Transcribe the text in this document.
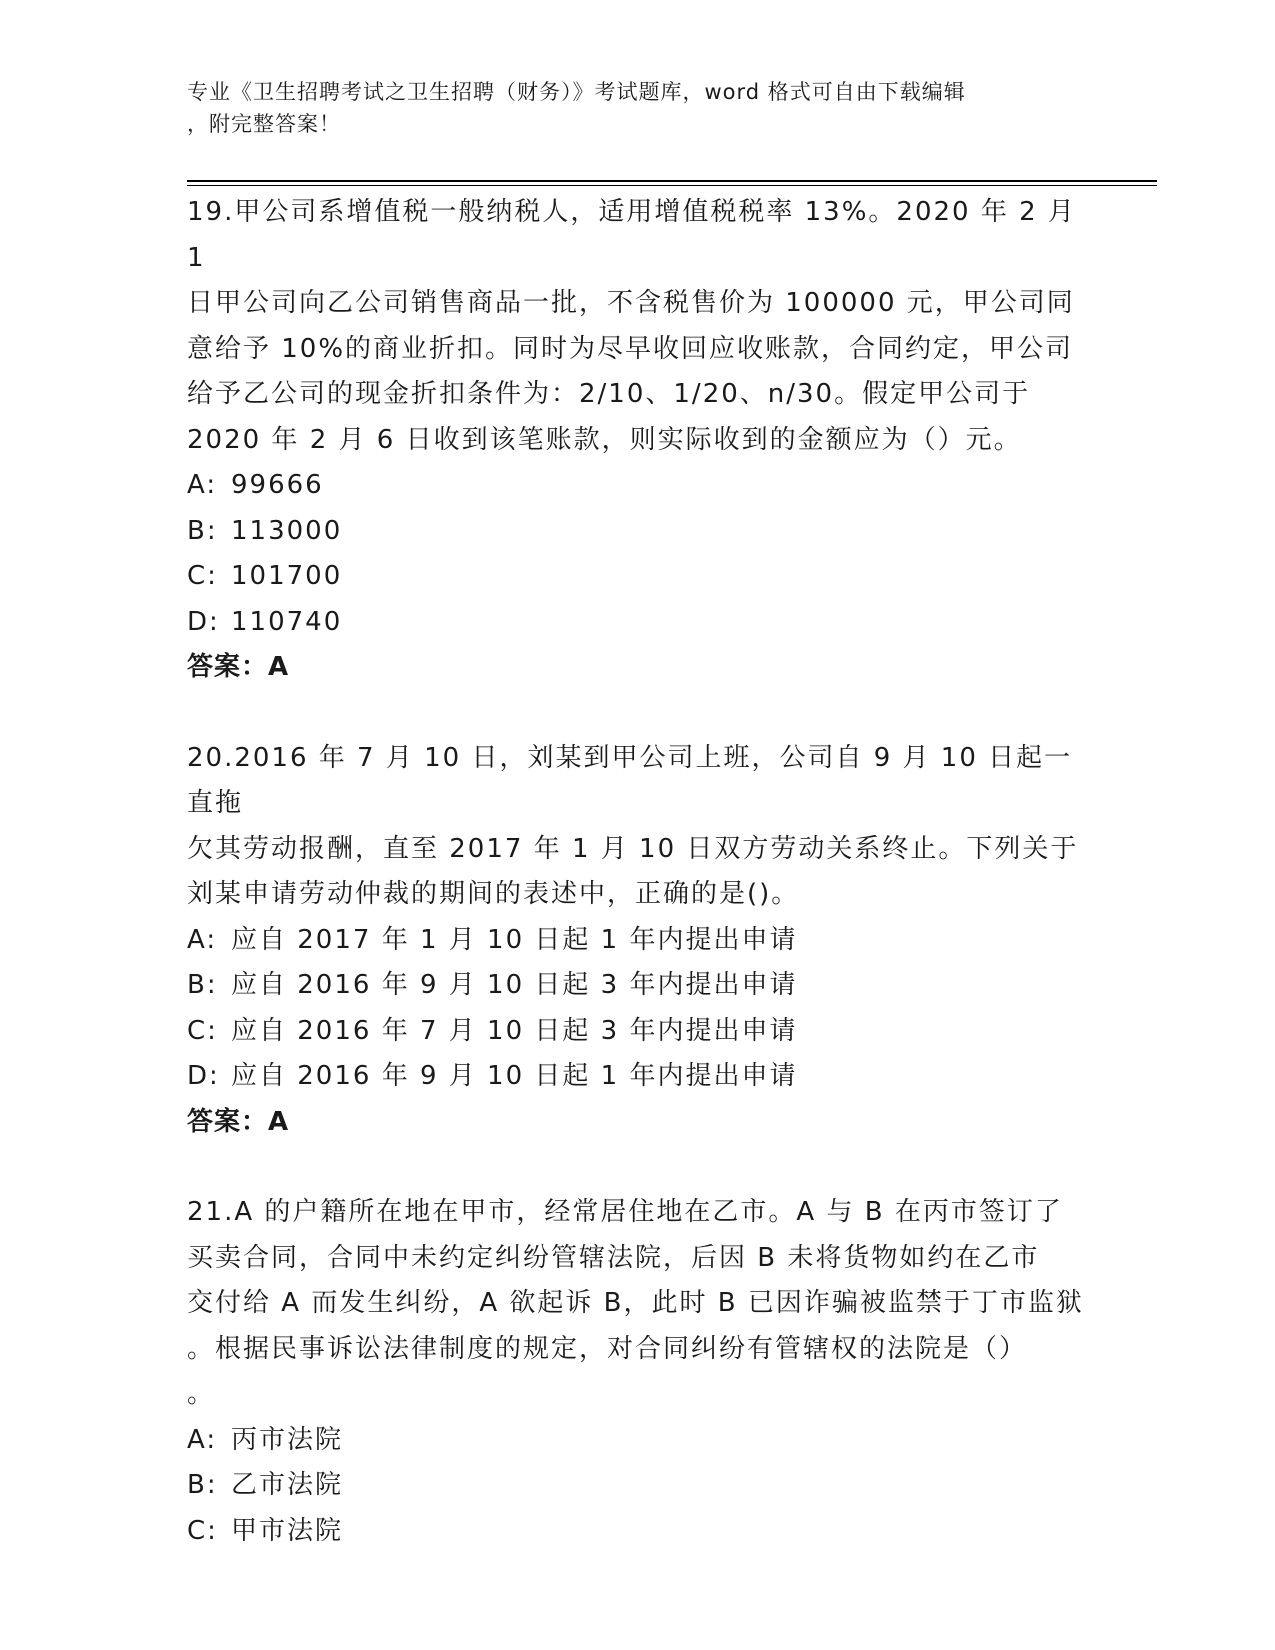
专业《卫生招聘考试之卫生招聘（财务）》考试题库，word 格式可自由下载编辑
，附完整答案！

19.甲公司系增值税一般纳税人，适用增值税税率 13%。2020 年 2 月 1

日甲公司向乙公司销售商品一批，不含税售价为 100000 元，甲公司同

意给予 10%的商业折扣。同时为尽早收回应收账款，合同约定，甲公司

给予乙公司的现金折扣条件为：2/10、1/20、n/30。假定甲公司于

2020 年 2 月 6 日收到该笔账款，则实际收到的金额应为（）元。

A: 99666
B: 113000
C: 101700
D: 110740

答案：A

20.2016 年 7 月 10 日，刘某到甲公司上班，公司自 9 月 10 日起一直拖

欠其劳动报酬，直至 2017 年 1 月 10 日双方劳动关系终止。下列关于

刘某申请劳动仲裁的期间的表述中，正确的是()。

A: 应自 2017 年 1 月 10 日起 1 年内提出申请
B: 应自 2016 年 9 月 10 日起 3 年内提出申请
C: 应自 2016 年 7 月 10 日起 3 年内提出申请
D: 应自 2016 年 9 月 10 日起 1 年内提出申请

答案：A

21.A 的户籍所在地在甲市，经常居住地在乙市。A 与 B 在丙市签订了

买卖合同，合同中未约定纠纷管辖法院，后因 B 未将货物如约在乙市

交付给 A 而发生纠纷，A 欲起诉 B，此时 B 已因诈骗被监禁于丁市监狱

。根据民事诉讼法律制度的规定，对合同纠纷有管辖权的法院是（）

。

A: 丙市法院
B: 乙市法院
C: 甲市法院
